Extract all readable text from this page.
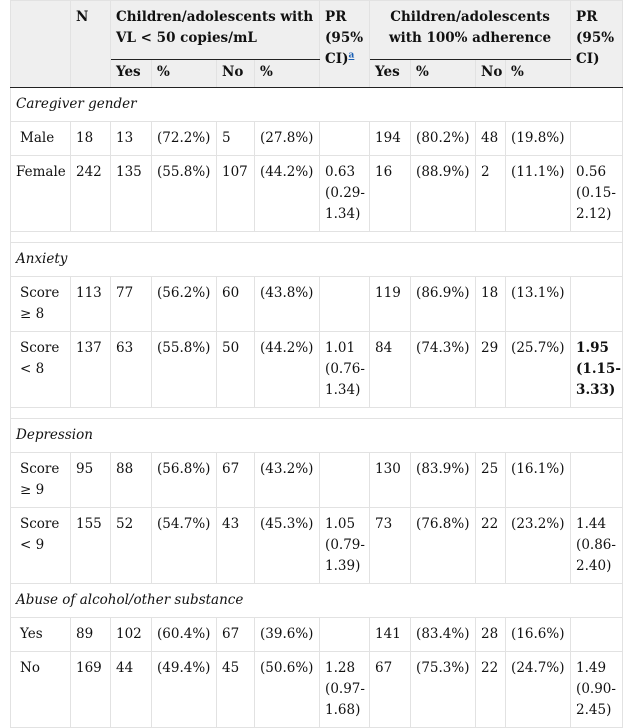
	N	Children/adolescents with VL < 50 copies/mL				PR (95% CI)$^a$	Children/adolescents with 100% adherence				PR (95% CI)
		Yes	%	No	%		Yes	%	No	%	
Caregiver gender											
Male	18	13	(72.2%)	5	(27.8%)		194	(80.2%)	48	(19.8%)	
Female	242	135	(55.8%)	107	(44.2%)	0.63 (0.29-1.34)	16	(88.9%)	2	(11.1%)	0.56 (0.15-2.12)

Anxiety											
Score ≥ 8	113	77	(56.2%)	60	(43.8%)		119	(86.9%)	18	(13.1%)	
Score < 8	137	63	(55.8%)	50	(44.2%)	1.01 (0.76-1.34)	84	(74.3%)	29	(25.7%)	1.95 (1.15-3.33)

Depression											
Score ≥ 9	95	88	(56.8%)	67	(43.2%)		130	(83.9%)	25	(16.1%)	
Score < 9	155	52	(54.7%)	43	(45.3%)	1.05 (0.79-1.39)	73	(76.8%)	22	(23.2%)	1.44 (0.86-2.40)
Abuse of alcohol/other substance											
Yes	89	102	(60.4%)	67	(39.6%)		141	(83.4%)	28	(16.6%)	
No	169	44	(49.4%)	45	(50.6%)	1.28 (0.97-1.68)	67	(75.3%)	22	(24.7%)	1.49 (0.90-2.45)
